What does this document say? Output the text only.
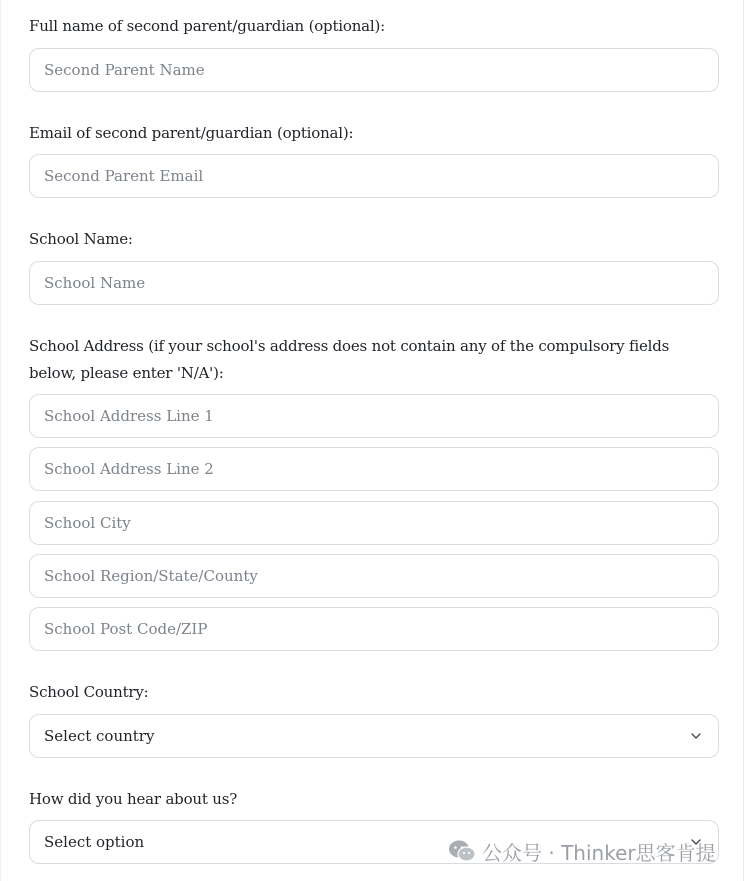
Full name of second parent/guardian (optional):
Second Parent Name
Email of second parent/guardian (optional):
Second Parent Email
School Name:
School Name
School Address (if your school's address does not contain any of the compulsory fields below, please enter 'N/A'):
School Address Line 1
School Address Line 2
School City
School Region/State/County
School Post Code/ZIP
School Country:
Select country
How did you hear about us?
Select option	公众号 · Thinker思客肯提
